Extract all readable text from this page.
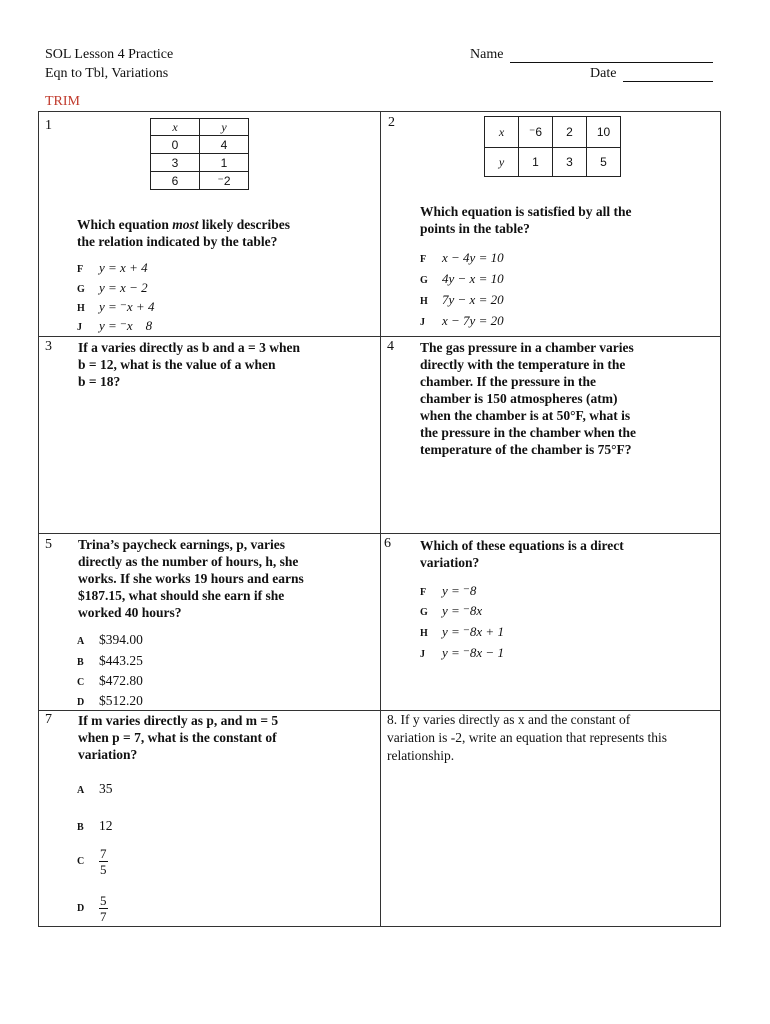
SOL Lesson 4 Practice
Eqn to Tbl, Variations
Name
Date
TRIM
1	x	y
0	4
3	1
6	⁻2
Which equation most likely describes
the relation indicated by the table?
F y = x + 4
G y = x − 2
H y = ⁻x + 4
J y = ⁻x    8
2
x	⁻6	2	10
y	1	3	5
Which equation is satisfied by all the
points in the table?
F x − 4y = 10
G 4y − x = 10
H 7y − x = 20
J x − 7y = 20
3 If a varies directly as b and a = 3 when
b = 12, what is the value of a when
b = 18?
4 The gas pressure in a chamber varies
directly with the temperature in the
chamber. If the pressure in the
chamber is 150 atmospheres (atm)
when the chamber is at 50°F, what is
the pressure in the chamber when the
temperature of the chamber is 75°F?
5 Trina’s paycheck earnings, p, varies
directly as the number of hours, h, she
works. If she works 19 hours and earns
$187.15, what should she earn if she
worked 40 hours?
A $394.00
B $443.25
C $472.80
D $512.20
6 Which of these equations is a direct
variation?
F y = ⁻8
G y = ⁻8x
H y = ⁻8x + 1
J y = ⁻8x − 1
7 If m varies directly as p, and m = 5
when p = 7, what is the constant of
variation?
A 35
B 12
C $\frac{7}{5}$
D $\frac{5}{7}$
8. If y varies directly as x and the constant of
variation is -2, write an equation that represents this
relationship.
